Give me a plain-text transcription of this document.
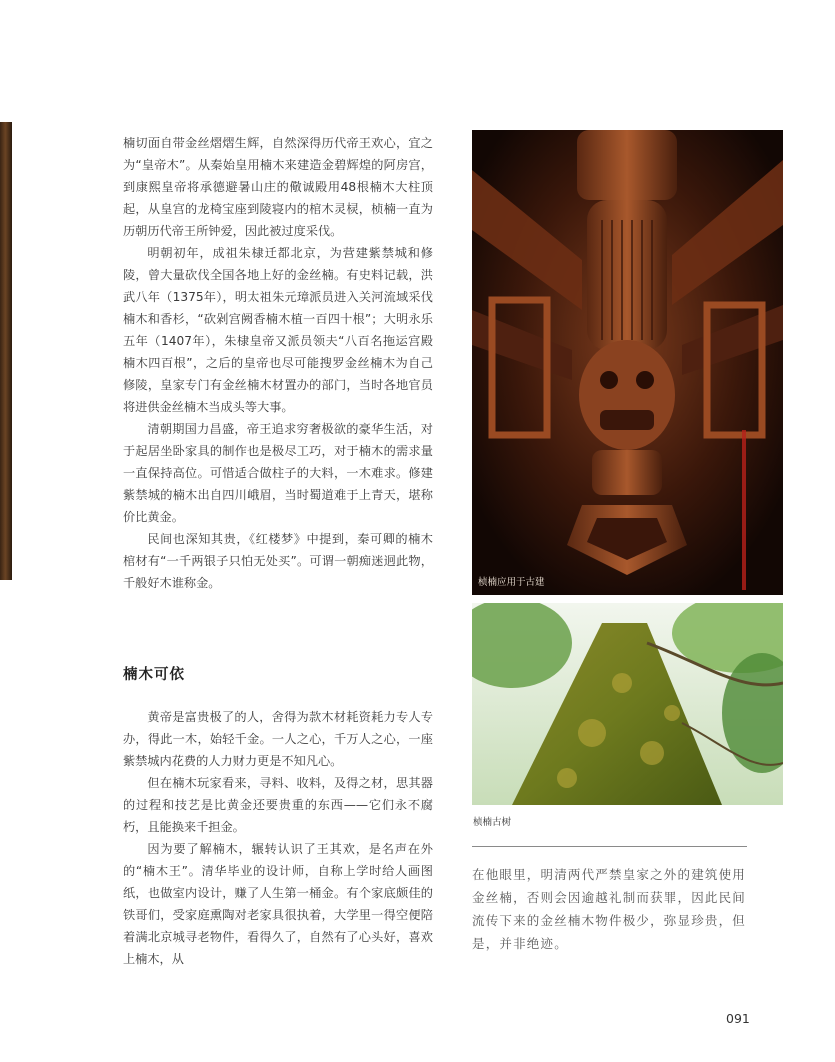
楠切面自带金丝熠熠生辉，自然深得历代帝王欢心，宜之为“皇帝木”。从秦始皇用楠木来建造金碧辉煌的阿房宫，到康熙皇帝将承德避暑山庄的儆诚殿用48根楠木大柱顶起，从皇宫的龙椅宝座到陵寝内的棺木灵棂，桢楠一直为历朝历代帝王所钟爱，因此被过度采伐。

明朝初年，成祖朱棣迁都北京，为营建紫禁城和修陵，曾大量砍伐全国各地上好的金丝楠。有史料记载，洪武八年（1375年），明太祖朱元璋派员进入关河流域采伐楠木和香杉，“砍剁宫阙香楠木植一百四十根”；大明永乐五年（1407年），朱棣皇帝又派员领夫“八百名拖运宫殿楠木四百根”，之后的皇帝也尽可能搜罗金丝楠木为自己修陵，皇家专门有金丝楠木材置办的部门，当时各地官员将进供金丝楠木当成头等大事。

清朝期国力昌盛，帝王追求穷奢极欲的豪华生活，对于起居坐卧家具的制作也是极尽工巧，对于楠木的需求量一直保持高位。可惜适合做柱子的大料，一木难求。修建紫禁城的楠木出自四川峨眉，当时蜀道难于上青天，堪称价比黄金。

民间也深知其贵，《红楼梦》中提到，秦可卿的楠木棺材有“一千两银子只怕无处买”。可谓一朝痴迷迥此物，千般好木谁称金。

楠木可依

黄帝是富贵极了的人，舍得为款木材耗资耗力专人专办，得此一木，始轻千金。一人之心，千万人之心，一座紫禁城内花费的人力财力更是不知凡心。

但在楠木玩家看来，寻料、收料，及得之材，思其器的过程和技艺是比黄金还要贵重的东西——它们永不腐朽，且能换来千担金。

因为要了解楠木，辗转认识了王其欢，是名声在外的“楠木王”。清华毕业的设计师，自称上学时给人画图纸，也做室内设计，赚了人生第一桶金。有个家底颇佳的铁哥们，受家庭熏陶对老家具很执着，大学里一得空便陪着满北京城寻老物件，看得久了，自然有了心头好，喜欢上楠木，从

桢楠应用于古建
桢楠古树
在他眼里，明清两代严禁皇家之外的建筑使用金丝楠，否则会因逾越礼制而获罪，因此民间流传下来的金丝楠木物件极少，弥显珍贵，但是，并非绝迹。
091
